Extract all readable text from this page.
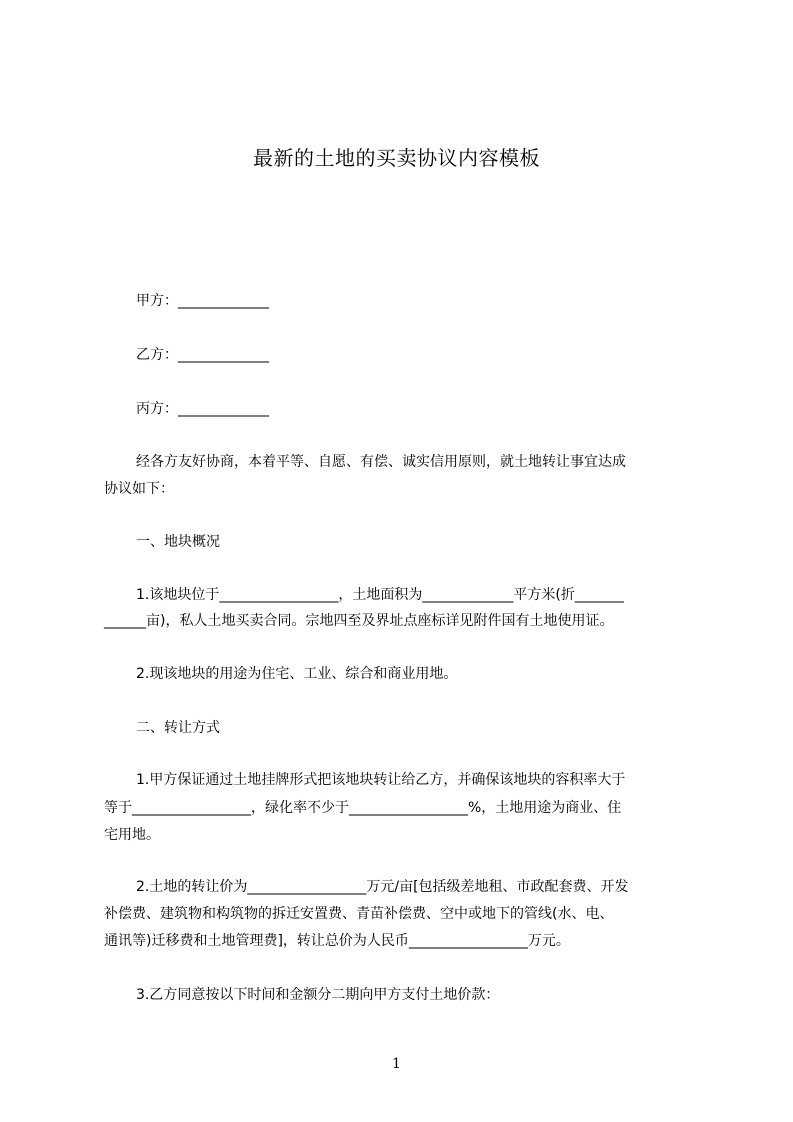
最新的土地的买卖协议内容模板
甲方：_____________
乙方：_____________
丙方：_____________
经各方友好协商，本着平等、自愿、有偿、诚实信用原则，就土地转让事宜达成
协议如下：
一、地块概况
1.该地块位于_________________，土地面积为_____________平方米(折_______
______亩)，私人土地买卖合同。宗地四至及界址点座标详见附件国有土地使用证。
2.现该地块的用途为住宅、工业、综合和商业用地。
二、转让方式
1.甲方保证通过土地挂牌形式把该地块转让给乙方，并确保该地块的容积率大于
等于_________________，绿化率不少于_________________%，土地用途为商业、住
宅用地。
2.土地的转让价为_________________万元/亩[包括级差地租、市政配套费、开发
补偿费、建筑物和构筑物的拆迁安置费、青苗补偿费、空中或地下的管线(水、电、
通讯等)迁移费和土地管理费]，转让总价为人民币_________________万元。
3.乙方同意按以下时间和金额分二期向甲方支付土地价款：
1
